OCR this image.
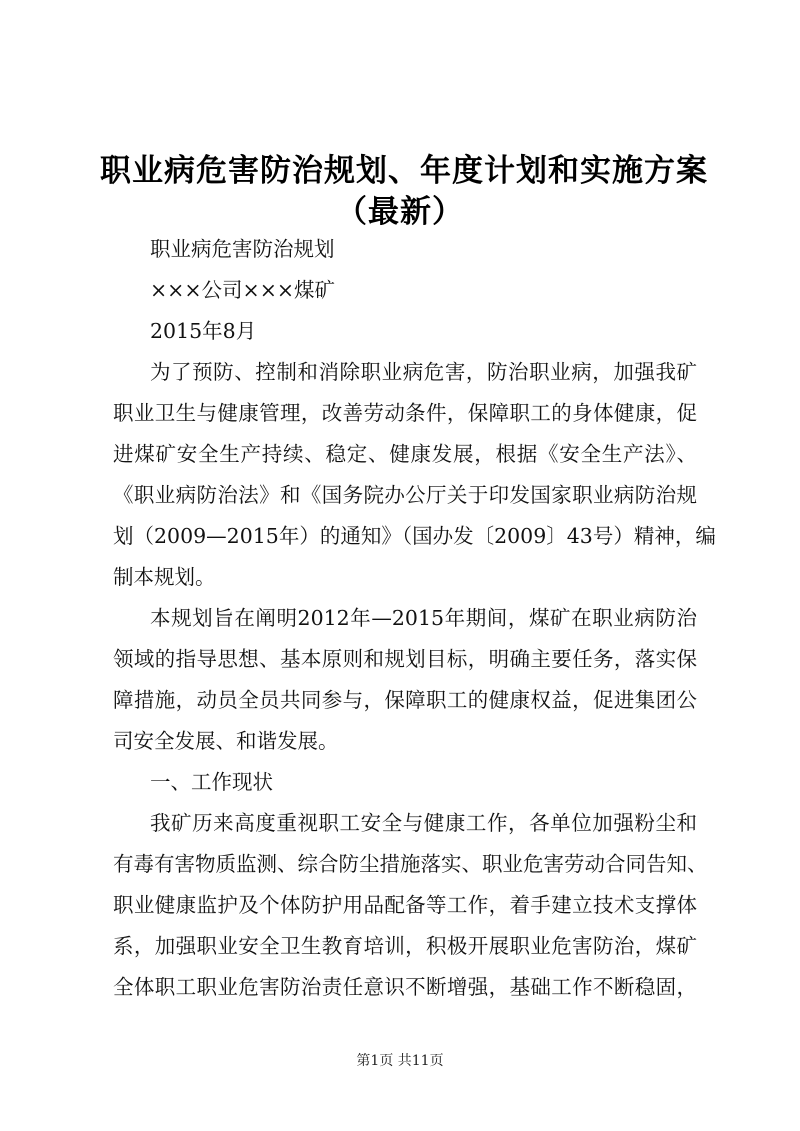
职业病危害防治规划、年度计划和实施方案
（最新）
职业病危害防治规划
×××公司×××煤矿
2015年8月
为了预防、控制和消除职业病危害，防治职业病，加强我矿
职业卫生与健康管理，改善劳动条件，保障职工的身体健康，促
进煤矿安全生产持续、稳定、健康发展，根据《安全生产法》、
《职业病防治法》和《国务院办公厅关于印发国家职业病防治规
划（2009—2015年）的通知》（国办发〔2009〕43号）精神，编
制本规划。
本规划旨在阐明2012年—2015年期间，煤矿在职业病防治
领域的指导思想、基本原则和规划目标，明确主要任务，落实保
障措施，动员全员共同参与，保障职工的健康权益，促进集团公
司安全发展、和谐发展。
一、工作现状
我矿历来高度重视职工安全与健康工作，各单位加强粉尘和
有毒有害物质监测、综合防尘措施落实、职业危害劳动合同告知、
职业健康监护及个体防护用品配备等工作，着手建立技术支撑体
系，加强职业安全卫生教育培训，积极开展职业危害防治，煤矿
全体职工职业危害防治责任意识不断增强，基础工作不断稳固，
第1页 共11页
